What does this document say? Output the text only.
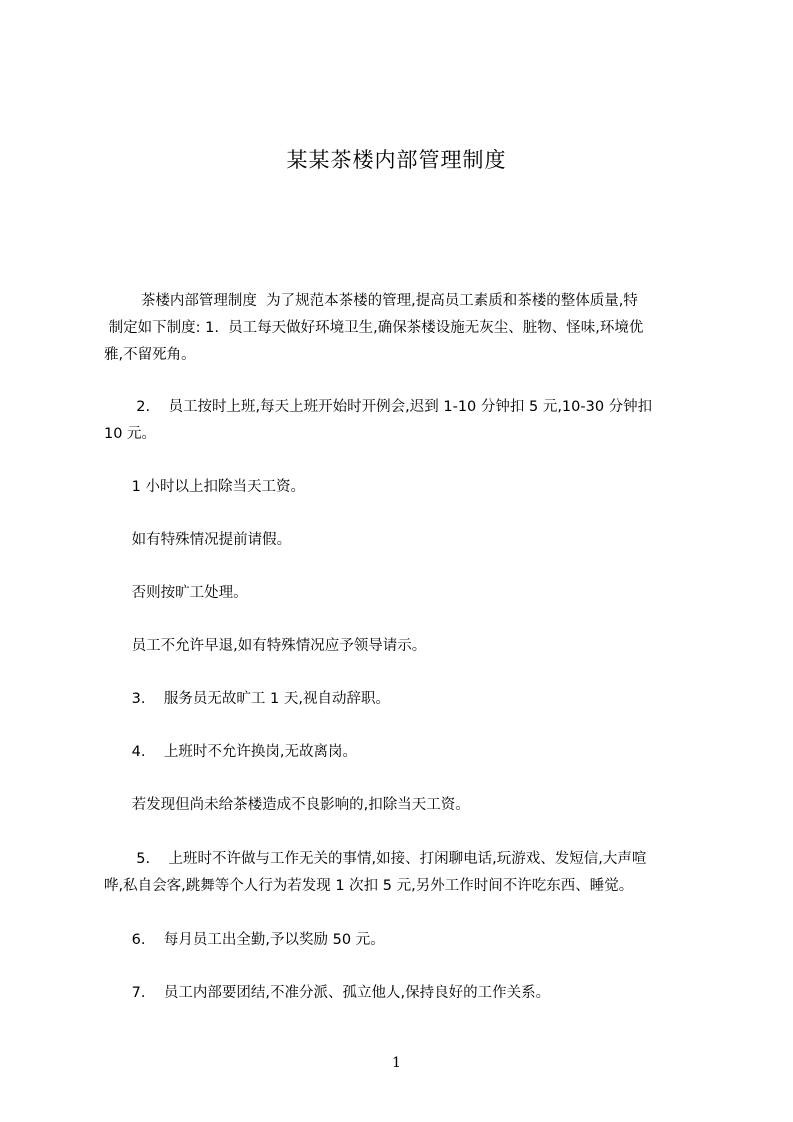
某某茶楼内部管理制度
茶楼内部管理制度  为了规范本茶楼的管理,提高员工素质和茶楼的整体质量,特
制定如下制度: 1.  员工每天做好环境卫生,确保茶楼设施无灰尘、脏物、怪味,环境优
雅,不留死角。
2.    员工按时上班,每天上班开始时开例会,迟到 1-10 分钟扣 5 元,10-30 分钟扣
10 元。
1 小时以上扣除当天工资。
如有特殊情况提前请假。
否则按旷工处理。
员工不允许早退,如有特殊情况应予领导请示。
3.    服务员无故旷工 1 天,视自动辞职。
4.    上班时不允许换岗,无故离岗。
若发现但尚未给茶楼造成不良影响的,扣除当天工资。
5.    上班时不许做与工作无关的事情,如接、打闲聊电话,玩游戏、发短信,大声喧
哗,私自会客,跳舞等个人行为若发现 1 次扣 5 元,另外工作时间不许吃东西、睡觉。
6.    每月员工出全勤,予以奖励 50 元。
7.    员工内部要团结,不准分派、孤立他人,保持良好的工作关系。
1
